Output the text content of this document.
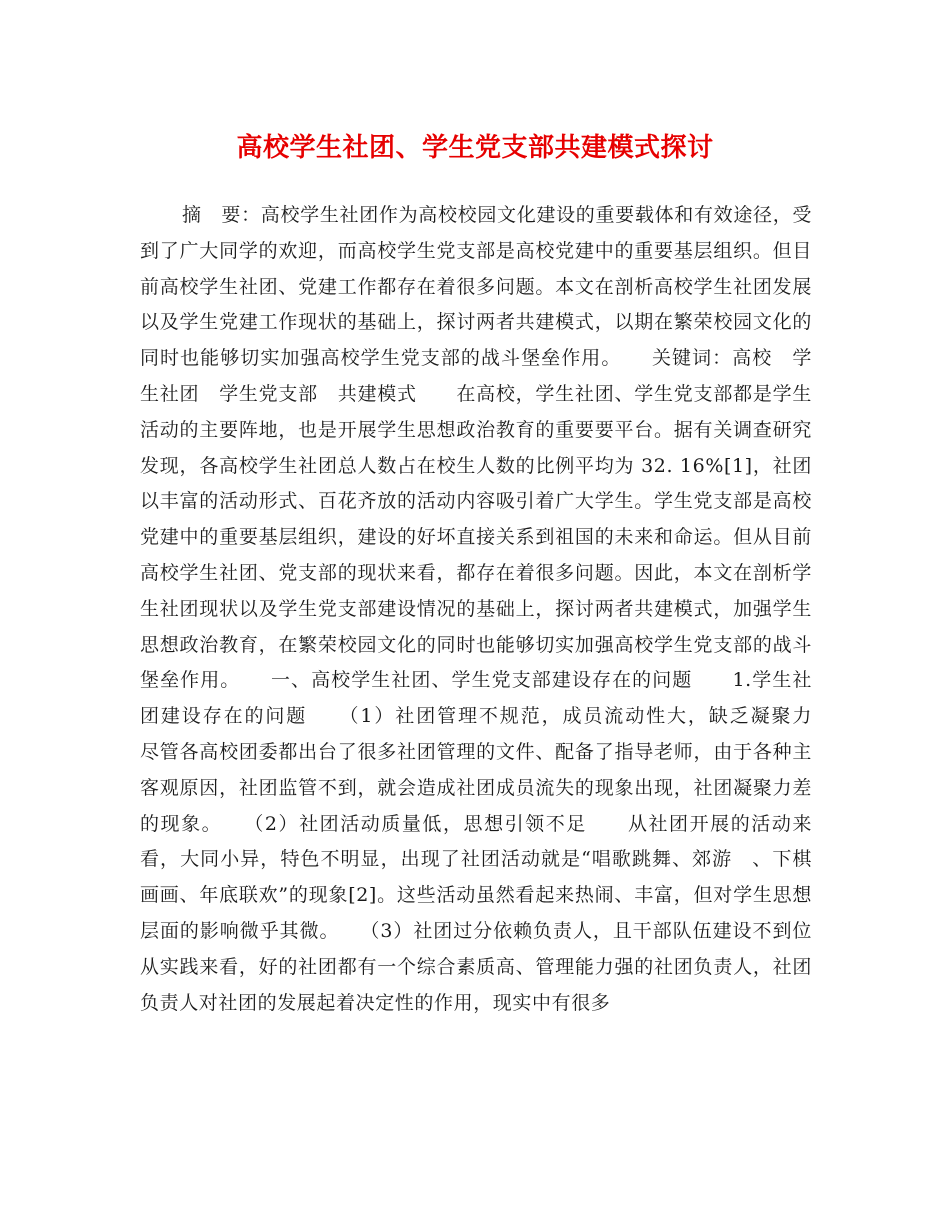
高校学生社团、学生党支部共建模式探讨

摘　要：高校学生社团作为高校校园文化建设的重要载体和有效途径，受到了广大同学的欢迎，而高校学生党支部是高校党建中的重要基层组织。但目前高校学生社团、党建工作都存在着很多问题。本文在剖析高校学生社团发展以及学生党建工作现状的基础上，探讨两者共建模式，以期在繁荣校园文化的同时也能够切实加强高校学生党支部的战斗堡垒作用。　　关键词：高校　学生社团　学生党支部　共建模式　　在高校，学生社团、学生党支部都是学生活动的主要阵地，也是开展学生思想政治教育的重要要平台。据有关调查研究发现，各高校学生社团总人数占在校生人数的比例平均为 32. 16%[1]，社团以丰富的活动形式、百花齐放的活动内容吸引着广大学生。学生党支部是高校党建中的重要基层组织，建设的好坏直接关系到祖国的未来和命运。但从目前高校学生社团、党支部的现状来看，都存在着很多问题。因此，本文在剖析学生社团现状以及学生党支部建设情况的基础上，探讨两者共建模式，加强学生思想政治教育，在繁荣校园文化的同时也能够切实加强高校学生党支部的战斗堡垒作用。　　一、高校学生社团、学生党支部建设存在的问题　　1.学生社团建设存在的问题　　（1）社团管理不规范，成员流动性大，缺乏凝聚力　　尽管各高校团委都出台了很多社团管理的文件、配备了指导老师，由于各种主客观原因，社团监管不到，就会造成社团成员流失的现象出现，社团凝聚力差的现象。　　（2）社团活动质量低，思想引领不足　　从社团开展的活动来看，大同小异，特色不明显，出现了社团活动就是“唱歌跳舞、郊游　、下棋画画、年底联欢”的现象[2]。这些活动虽然看起来热闹、丰富，但对学生思想层面的影响微乎其微。　　（3）社团过分依赖负责人，且干部队伍建设不到位　　从实践来看，好的社团都有一个综合素质高、管理能力强的社团负责人，社团负责人对社团的发展起着决定性的作用，现实中有很多
